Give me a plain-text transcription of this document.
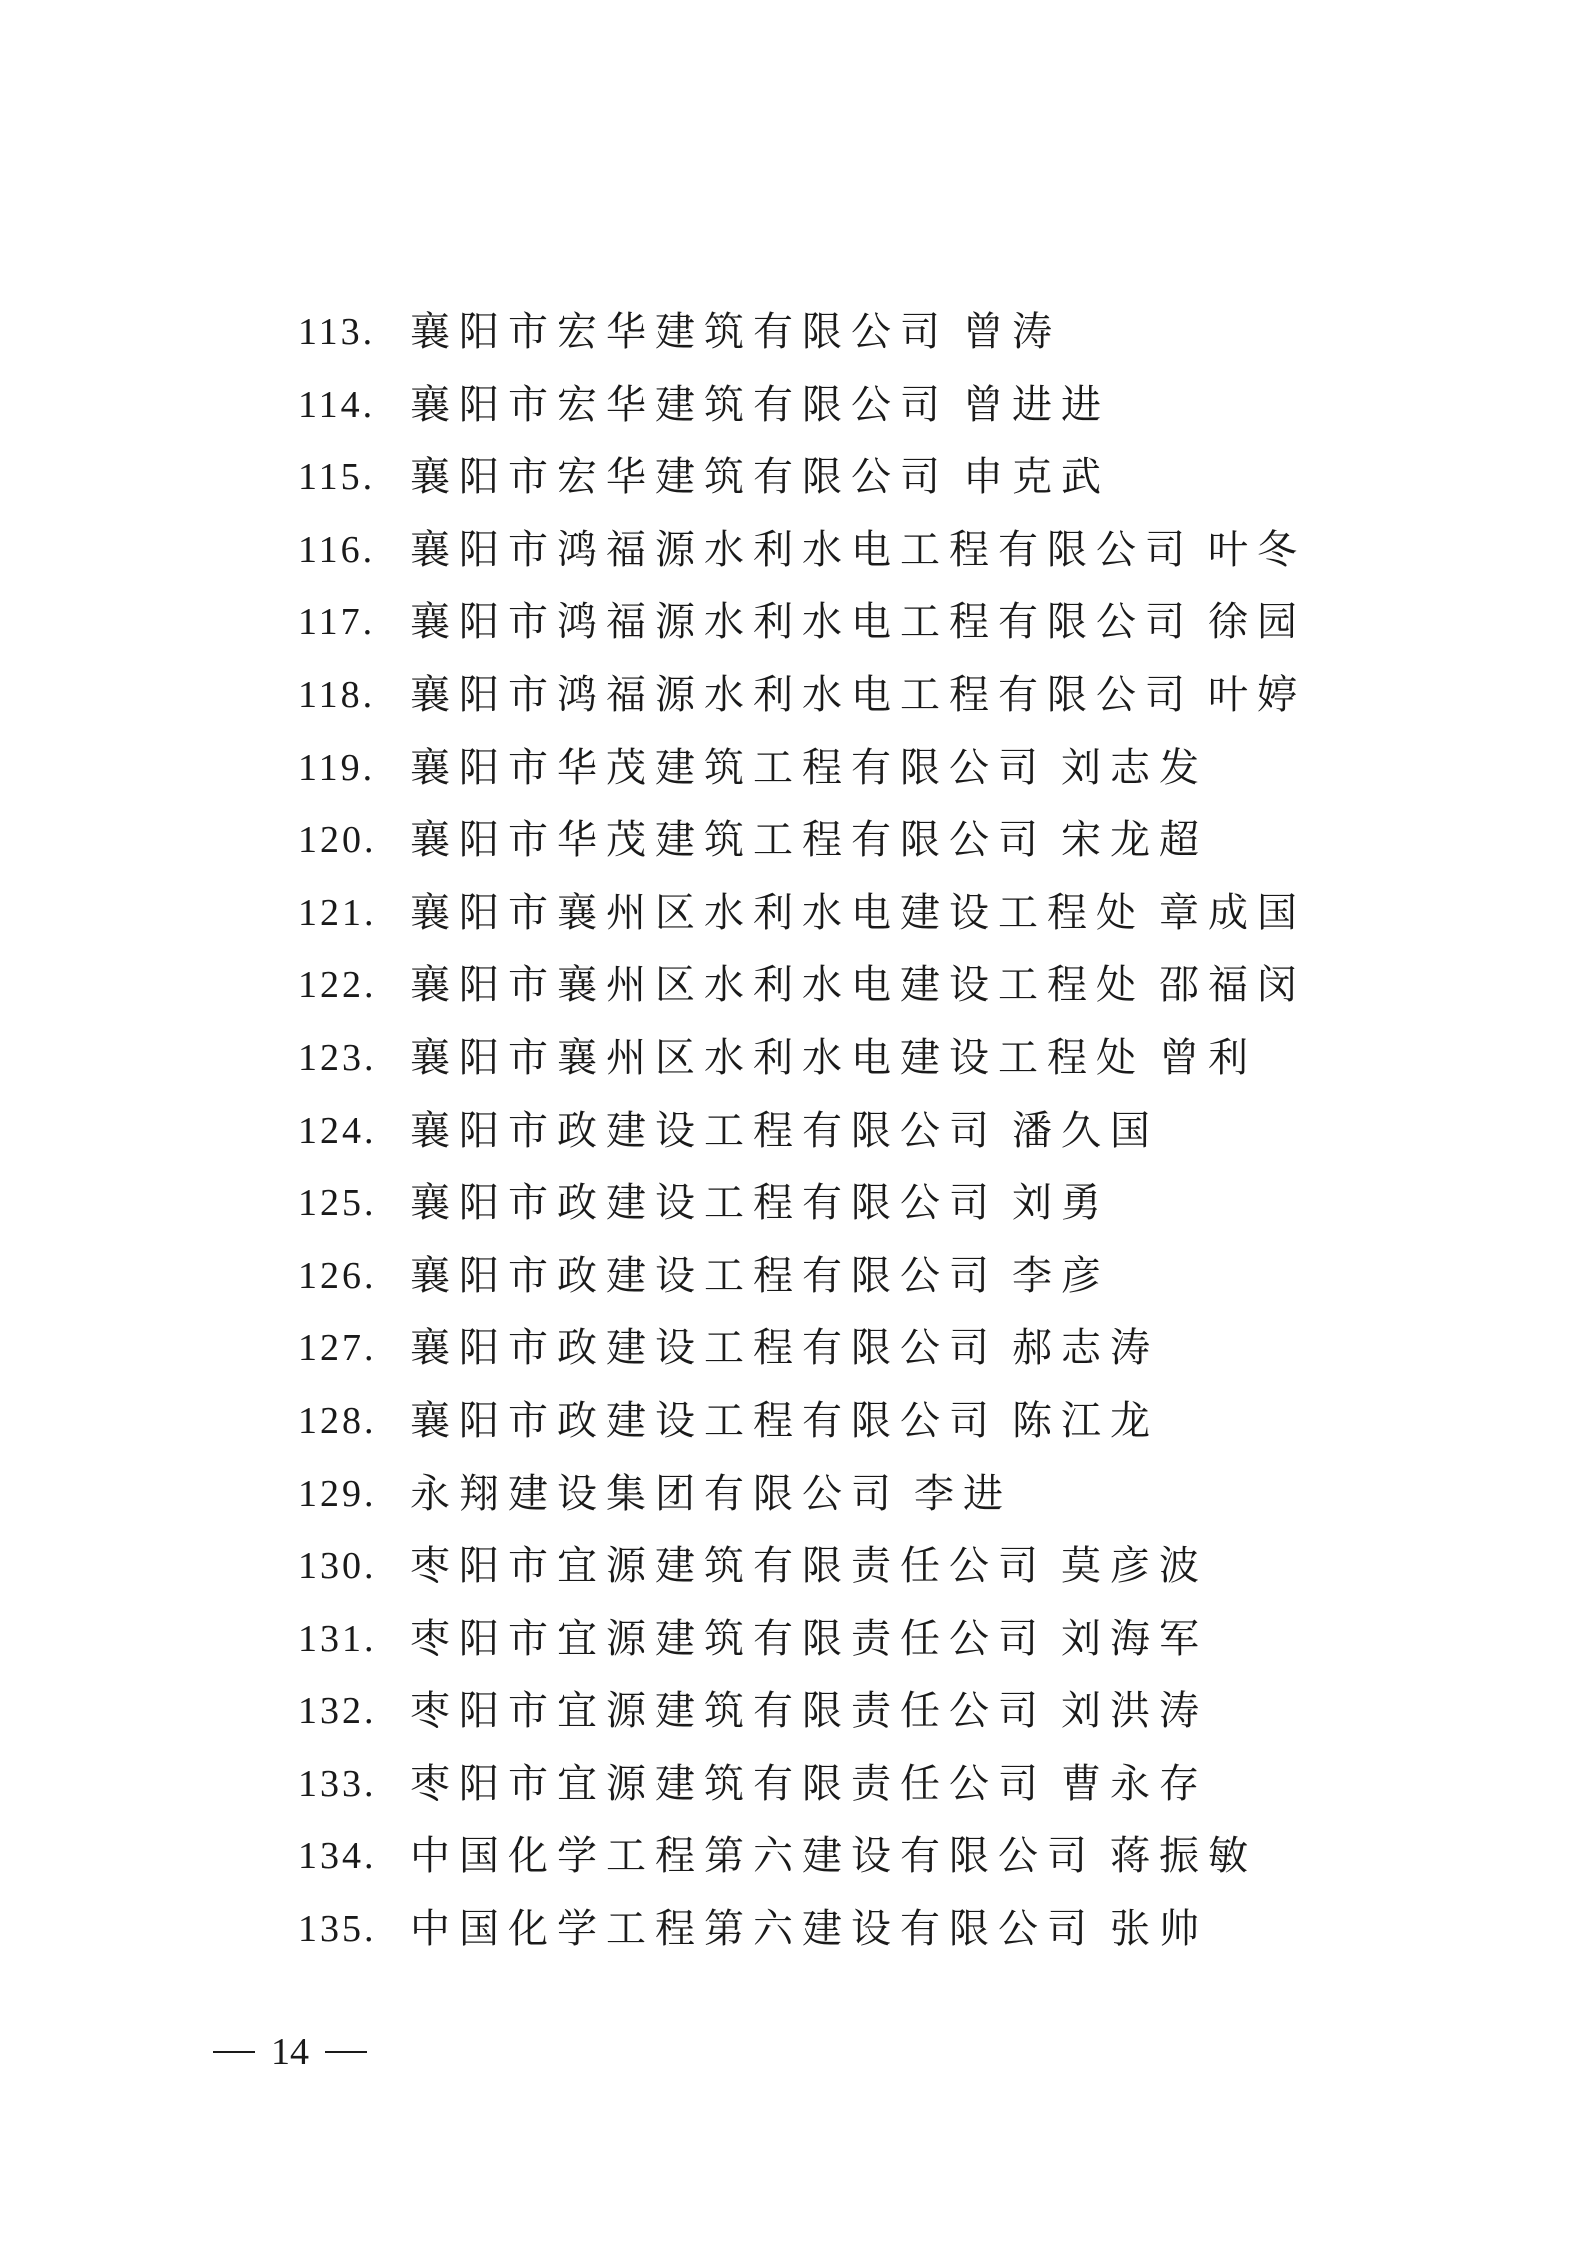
113. 襄阳市宏华建筑有限公司 曾涛
114. 襄阳市宏华建筑有限公司 曾进进
115. 襄阳市宏华建筑有限公司 申克武
116. 襄阳市鸿福源水利水电工程有限公司 叶冬
117. 襄阳市鸿福源水利水电工程有限公司 徐园
118. 襄阳市鸿福源水利水电工程有限公司 叶婷
119. 襄阳市华茂建筑工程有限公司 刘志发
120. 襄阳市华茂建筑工程有限公司 宋龙超
121. 襄阳市襄州区水利水电建设工程处 章成国
122. 襄阳市襄州区水利水电建设工程处 邵福闵
123. 襄阳市襄州区水利水电建设工程处 曾利
124. 襄阳市政建设工程有限公司 潘久国
125. 襄阳市政建设工程有限公司 刘勇
126. 襄阳市政建设工程有限公司 李彦
127. 襄阳市政建设工程有限公司 郝志涛
128. 襄阳市政建设工程有限公司 陈江龙
129. 永翔建设集团有限公司 李进
130. 枣阳市宜源建筑有限责任公司 莫彦波
131. 枣阳市宜源建筑有限责任公司 刘海军
132. 枣阳市宜源建筑有限责任公司 刘洪涛
133. 枣阳市宜源建筑有限责任公司 曹永存
134. 中国化学工程第六建设有限公司 蒋振敏
135. 中国化学工程第六建设有限公司 张帅
14
